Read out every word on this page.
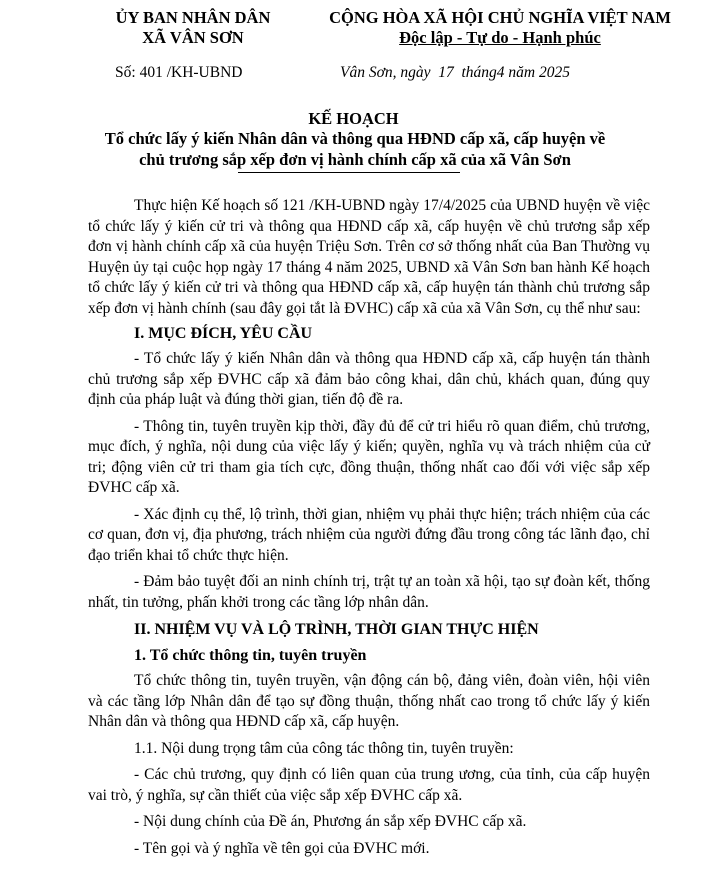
ỦY BAN NHÂN DÂN
XÃ VÂN SƠN
CỘNG HÒA XÃ HỘI CHỦ NGHĨA VIỆT NAM
Độc lập - Tự do - Hạnh phúc
Số: 401 /KH-UBND	Vân Sơn, ngày  17  tháng4 năm 2025
KẾ HOẠCH
Tổ chức lấy ý kiến Nhân dân và thông qua HĐND cấp xã, cấp huyện về chủ trương sắp xếp đơn vị hành chính cấp xã của xã Vân Sơn

Thực hiện Kế hoạch số 121 /KH-UBND ngày 17/4/2025 của UBND huyện về việc tổ chức lấy ý kiến cử tri và thông qua HĐND cấp xã, cấp huyện về chủ trương sắp xếp đơn vị hành chính cấp xã của huyện Triệu Sơn. Trên cơ sở thống nhất của Ban Thường vụ Huyện ủy tại cuộc họp ngày 17 tháng 4 năm 2025, UBND xã Vân Sơn ban hành Kế hoạch tổ chức lấy ý kiến cử tri và thông qua HĐND cấp xã, cấp huyện tán thành chủ trương sắp xếp đơn vị hành chính (sau đây gọi tắt là ĐVHC) cấp xã của xã Vân Sơn, cụ thể như sau:

I. MỤC ĐÍCH, YÊU CẦU

- Tổ chức lấy ý kiến Nhân dân và thông qua HĐND cấp xã, cấp huyện tán thành chủ trương sắp xếp ĐVHC cấp xã đảm bảo công khai, dân chủ, khách quan, đúng quy định của pháp luật và đúng thời gian, tiến độ đề ra.

- Thông tin, tuyên truyền kịp thời, đầy đủ để cử tri hiểu rõ quan điểm, chủ trương, mục đích, ý nghĩa, nội dung của việc lấy ý kiến; quyền, nghĩa vụ và trách nhiệm của cử tri; động viên cử tri tham gia tích cực, đồng thuận, thống nhất cao đối với việc sắp xếp ĐVHC cấp xã.

- Xác định cụ thể, lộ trình, thời gian, nhiệm vụ phải thực hiện; trách nhiệm của các cơ quan, đơn vị, địa phương, trách nhiệm của người đứng đầu trong công tác lãnh đạo, chỉ đạo triển khai tổ chức thực hiện.

- Đảm bảo tuyệt đối an ninh chính trị, trật tự an toàn xã hội, tạo sự đoàn kết, thống nhất, tin tưởng, phấn khởi trong các tầng lớp nhân dân.

II. NHIỆM VỤ VÀ LỘ TRÌNH, THỜI GIAN THỰC HIỆN
1. Tổ chức thông tin, tuyên truyền

Tổ chức thông tin, tuyên truyền, vận động cán bộ, đảng viên, đoàn viên, hội viên và các tầng lớp Nhân dân để tạo sự đồng thuận, thống nhất cao trong tổ chức lấy ý kiến Nhân dân và thông qua HĐND cấp xã, cấp huyện.

1.1. Nội dung trọng tâm của công tác thông tin, tuyên truyền:

- Các chủ trương, quy định có liên quan của trung ương, của tỉnh, của cấp huyện vai trò, ý nghĩa, sự cần thiết của việc sắp xếp ĐVHC cấp xã.

- Nội dung chính của Đề án, Phương án sắp xếp ĐVHC cấp xã.

- Tên gọi và ý nghĩa về tên gọi của ĐVHC mới.
